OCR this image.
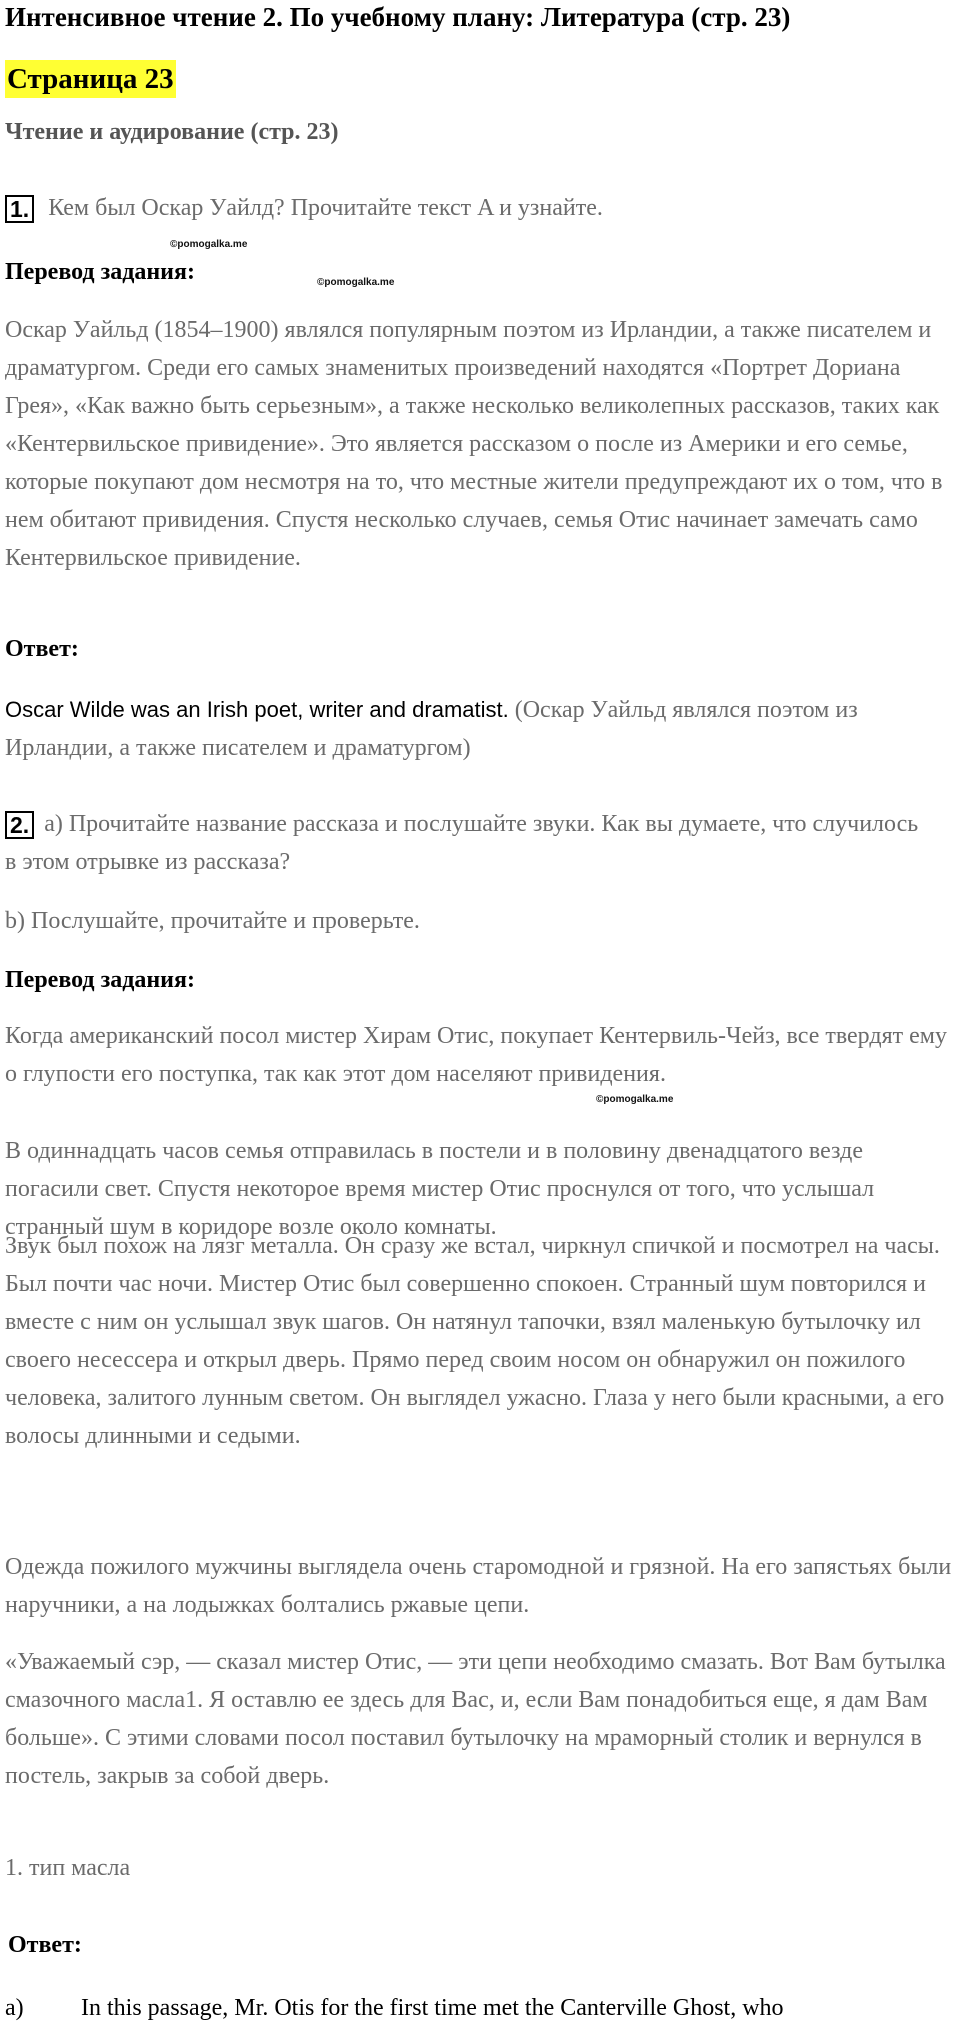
Интенсивное чтение 2. По учебному плану: Литература (стр. 23)
Страница 23
Чтение и аудирование (стр. 23)
1. Кем был Оскар Уайлд? Прочитайте текст A и узнайте.
©pomogalka.me
Перевод задания:	©pomogalka.me
Оскар Уайльд (1854–1900) являлся популярным поэтом из Ирландии, а также писателем и драматургом. Среди его самых знаменитых произведений находятся «Портрет Дориана Грея», «Как важно быть серьезным», а также несколько великолепных рассказов, таких как «Кентервильское привидение». Это является рассказом о после из Америки и его семье, которые покупают дом несмотря на то, что местные жители предупреждают их о том, что в нем обитают привидения. Спустя несколько случаев, семья Отис начинает замечать само Кентервильское привидение.
Ответ:
Oscar Wilde was an Irish poet, writer and dramatist. (Оскар Уайльд являлся поэтом из Ирландии, а также писателем и драматургом)
2. a) Прочитайте название рассказа и послушайте звуки. Как вы думаете, что случилось в этом отрывке из рассказа?
b) Послушайте, прочитайте и проверьте.
Перевод задания:
Когда американский посол мистер Хирам Отис, покупает Кентервиль-Чейз, все твердят ему о глупости его поступка, так как этот дом населяют привидения.
©pomogalka.me
В одиннадцать часов семья отправилась в постели и в половину двенадцатого везде погасили свет. Спустя некоторое время мистер Отис проснулся от того, что услышал странный шум в коридоре возле около комнаты.
Звук был похож на лязг металла. Он сразу же встал, чиркнул спичкой и посмотрел на часы. Был почти час ночи. Мистер Отис был совершенно спокоен. Странный шум повторился и вместе с ним он услышал звук шагов. Он натянул тапочки, взял маленькую бутылочку ил своего несессера и открыл дверь. Прямо перед своим носом он обнаружил он пожилого человека, залитого лунным светом. Он выглядел ужасно. Глаза у него были красными, а его волосы длинными и седыми.
Одежда пожилого мужчины выглядела очень старомодной и грязной. На его запястьях были наручники, а на лодыжках болтались ржавые цепи.
«Уважаемый сэр, — сказал мистер Отис, — эти цепи необходимо смазать. Вот Вам бутылка смазочного масла1. Я оставлю ее здесь для Вас, и, если Вам понадобиться еще, я дам Вам больше». С этими словами посол поставил бутылочку на мраморный столик и вернулся в постель, закрыв за собой дверь.
1. тип масла
Ответ:
a) In this passage, Mr. Otis for the first time met the Canterville Ghost, who
